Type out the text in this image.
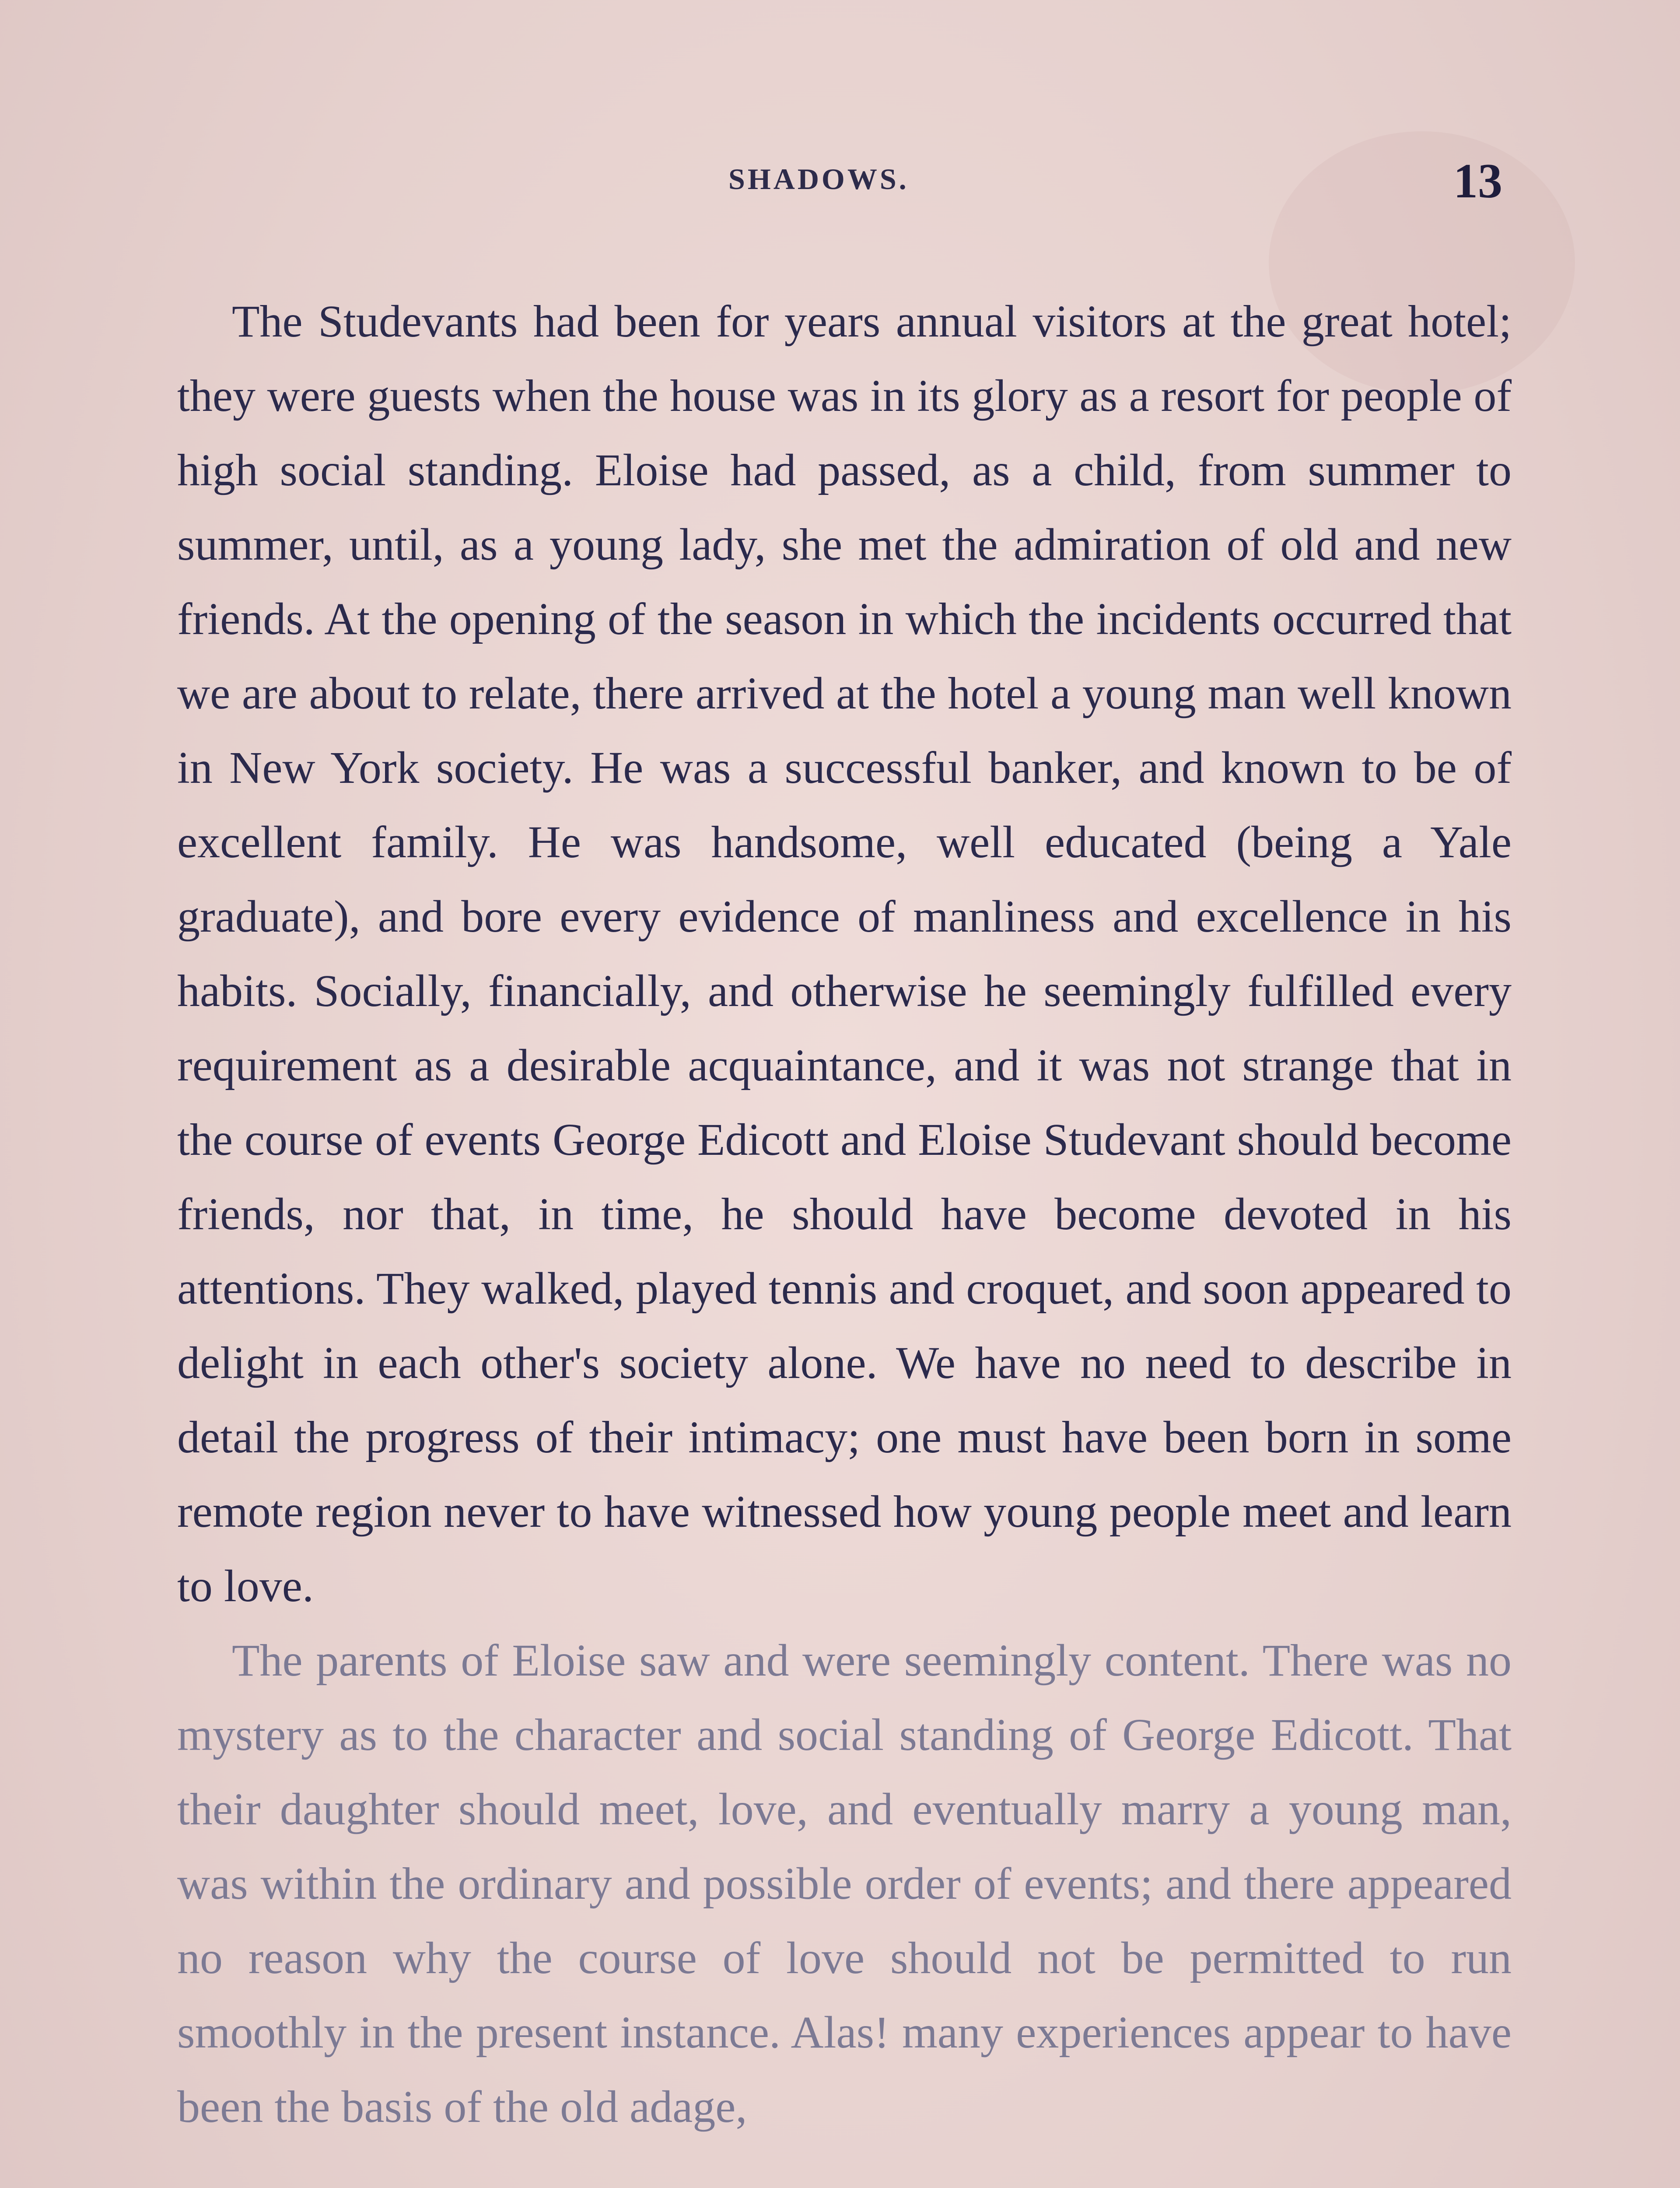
SHADOWS.	13

The Studevants had been for years annual visitors at the great hotel; they were guests when the house was in its glory as a resort for people of high social standing. Eloise had passed, as a child, from summer to summer, until, as a young lady, she met the admiration of old and new friends. At the opening of the season in which the incidents occurred that we are about to relate, there arrived at the hotel a young man well known in New York society. He was a successful banker, and known to be of excellent family. He was handsome, well educated (being a Yale graduate), and bore every evidence of manliness and excellence in his habits. Socially, financially, and otherwise he seemingly fulfilled every requirement as a desirable acquaintance, and it was not strange that in the course of events George Edicott and Eloise Studevant should become friends, nor that, in time, he should have become devoted in his attentions. They walked, played tennis and croquet, and soon appeared to delight in each other's society alone. We have no need to describe in detail the progress of their intimacy; one must have been born in some remote region never to have witnessed how young people meet and learn to love.

The parents of Eloise saw and were seemingly content. There was no mystery as to the character and social standing of George Edicott. That their daughter should meet, love, and eventually marry a young man, was within the ordinary and possible order of events; and there appeared no reason why the course of love should not be permitted to run smoothly in the present instance. Alas! many experiences appear to have been the basis of the old adage,
